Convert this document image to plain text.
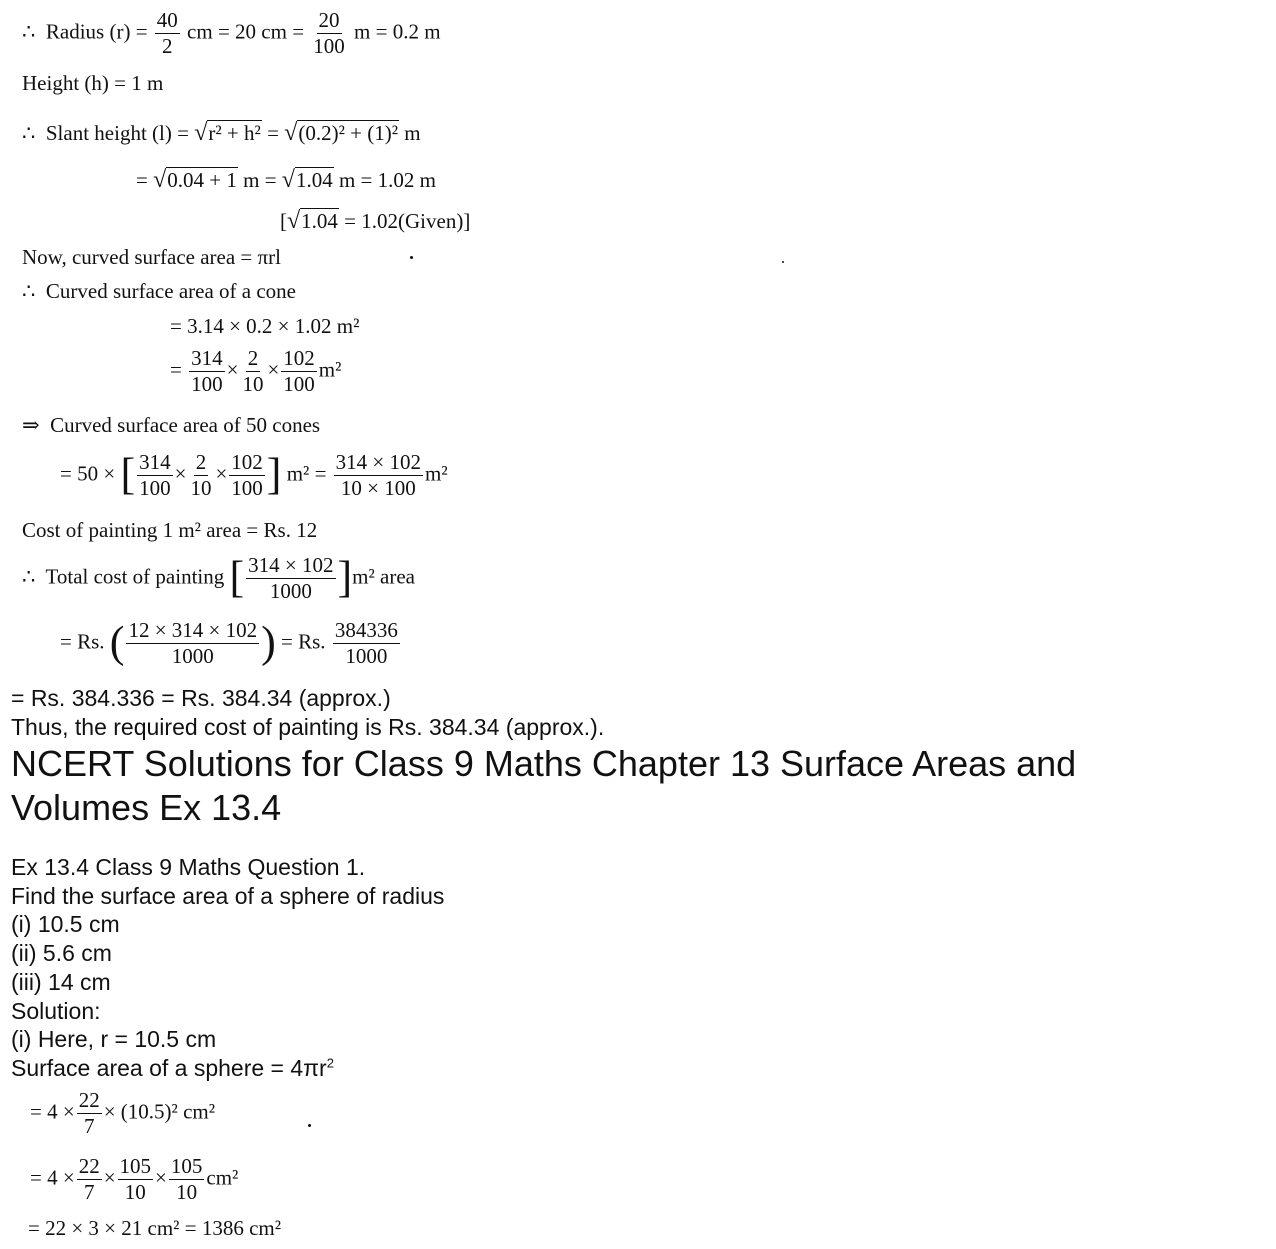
∴ Radius $(r) = \frac{40}{2}$ cm = 20 cm = $\frac{20}{100}$ m = 0.2 m
Height (h) = 1 m
∴ Slant height (l) = √r² + h² = √(0.2)² + (1)² m
= √0.04 + 1 m = √1.04 m = 1.02 m
[√1.04 = 1.02(Given)]
Now, curved surface area = πrl
∴ Curved surface area of a cone
= 3.14 × 0.2 × 1.02 m²
= $\frac{314}{100} \times \frac{2}{10} \times \frac{102}{100} m^2$
⇒ Curved surface area of 50 cones
= 50 × [ $\frac{314}{100} \times \frac{2}{10} \times \frac{102}{100}$ ] $m^2 = \frac{314 \times 102}{10 \times 100} m^2$
Cost of painting 1 m² area = Rs. 12
∴ Total cost of painting [ $\frac{314 \times 102}{1000} ]m^2$ area
= Rs. ( $\frac{12 \times 314 \times 102}{1000}$ ) = Rs. $\frac{384336}{1000}$
= Rs. 384.336 = Rs. 384.34 (approx.)
Thus, the required cost of painting is Rs. 384.34 (approx.).
NCERT Solutions for Class 9 Maths Chapter 13 Surface Areas and
Volumes Ex 13.4
Ex 13.4 Class 9 Maths Question 1.
Find the surface area of a sphere of radius
(i) 10.5 cm
(ii) 5.6 cm
(iii) 14 cm
Solution:
(i) Here, r = 10.5 cm
Surface area of a sphere = $4\pi r^2$
= $4 \times \frac{22}{7} \times (10.5)^2$ cm²
= $4 \times \frac{22}{7} \times \frac{105}{10} \times \frac{105}{10} cm^2$
= 22 × 3 × 21 cm² = 1386 cm²
